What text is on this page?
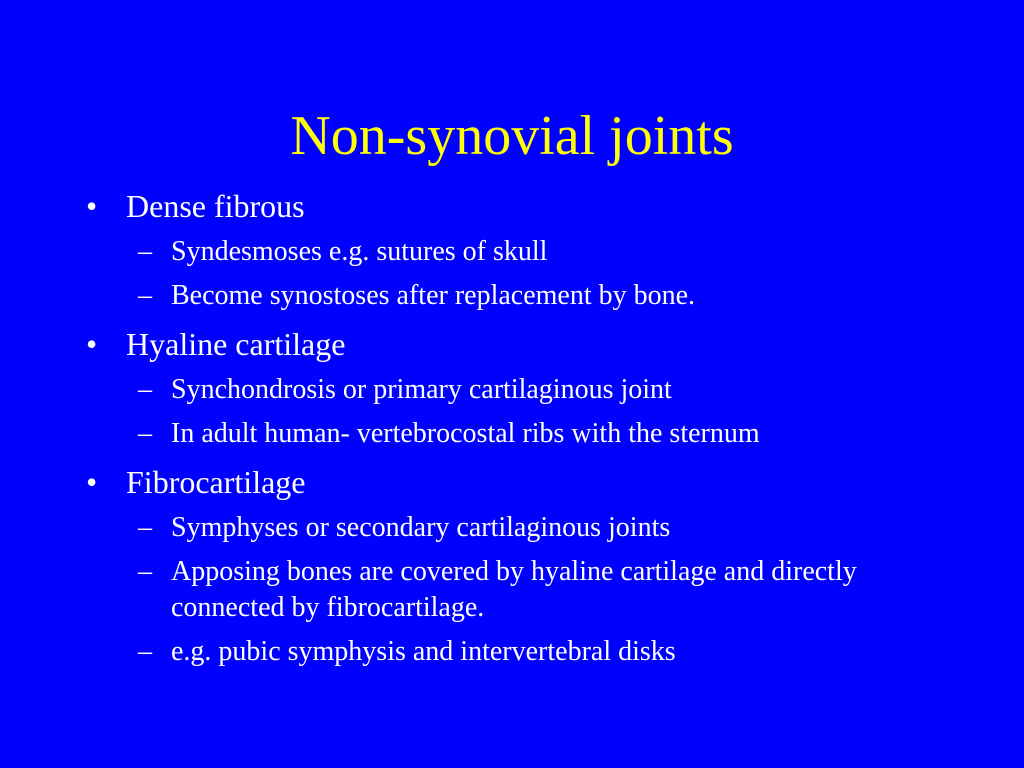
Non-synovial joints
• Dense fibrous
– Syndesmoses e.g. sutures of skull
– Become synostoses after replacement by bone.
• Hyaline cartilage
– Synchondrosis or primary cartilaginous joint
– In adult human- vertebrocostal ribs with the sternum
• Fibrocartilage
– Symphyses or secondary cartilaginous joints
– Apposing bones are covered by hyaline cartilage and directly connected by fibrocartilage.
– e.g. pubic symphysis and intervertebral disks
